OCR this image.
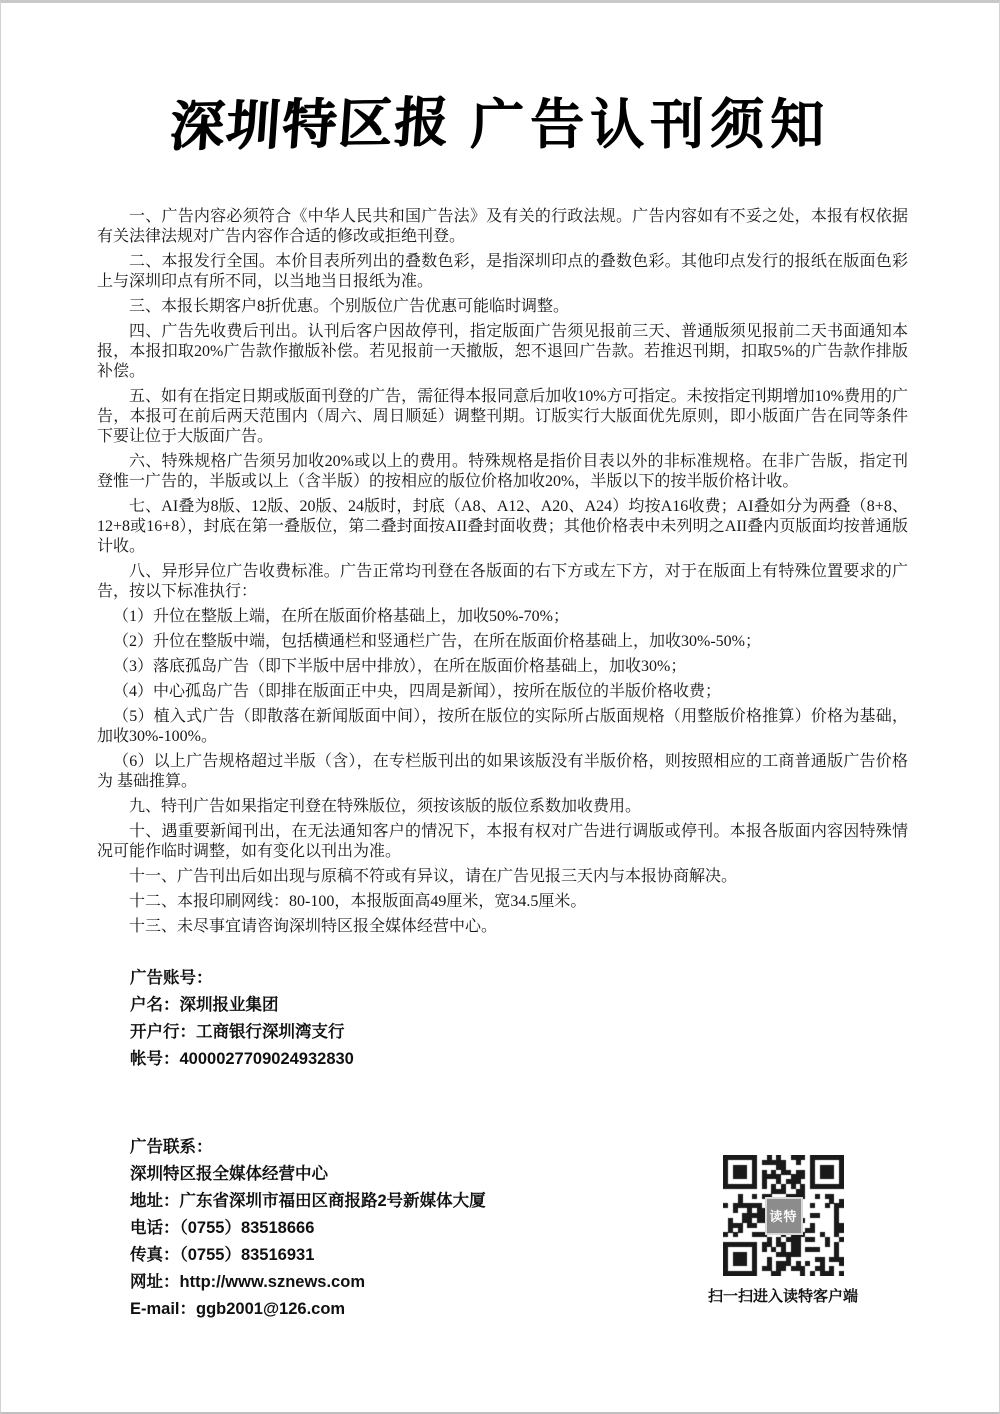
深圳特区报 广告认刊须知

一、广告内容必须符合《中华人民共和国广告法》及有关的行政法规。广告内容如有不妥之处，本报有权依据有关法律法规对广告内容作合适的修改或拒绝刊登。

二、本报发行全国。本价目表所列出的叠数色彩，是指深圳印点的叠数色彩。其他印点发行的报纸在版面色彩上与深圳印点有所不同，以当地当日报纸为准。

三、本报长期客户8折优惠。个别版位广告优惠可能临时调整。

四、广告先收费后刊出。认刊后客户因故停刊，指定版面广告须见报前三天、普通版须见报前二天书面通知本报，本报扣取20%广告款作撤版补偿。若见报前一天撤版，恕不退回广告款。若推迟刊期，扣取5%的广告款作排版补偿。

五、如有在指定日期或版面刊登的广告，需征得本报同意后加收10%方可指定。未按指定刊期增加10%费用的广告，本报可在前后两天范围内（周六、周日顺延）调整刊期。订版实行大版面优先原则，即小版面广告在同等条件下要让位于大版面广告。

六、特殊规格广告须另加收20%或以上的费用。特殊规格是指价目表以外的非标准规格。在非广告版，指定刊登惟一广告的，半版或以上（含半版）的按相应的版位价格加收20%，半版以下的按半版价格计收。

七、AI叠为8版、12版、20版、24版时，封底（A8、A12、A20、A24）均按A16收费；AI叠如分为两叠（8+8、12+8或16+8），封底在第一叠版位，第二叠封面按AII叠封面收费；其他价格表中未列明之AII叠内页版面均按普通版计收。

八、异形异位广告收费标准。广告正常均刊登在各版面的右下方或左下方，对于在版面上有特殊位置要求的广告，按以下标准执行：

（1）升位在整版上端，在所在版面价格基础上，加收50%-70%；

（2）升位在整版中端，包括横通栏和竖通栏广告，在所在版面价格基础上，加收30%-50%；

（3）落底孤岛广告（即下半版中居中排放），在所在版面价格基础上，加收30%；

（4）中心孤岛广告（即排在版面正中央，四周是新闻），按所在版位的半版价格收费；

（5）植入式广告（即散落在新闻版面中间），按所在版位的实际所占版面规格（用整版价格推算）价格为基础，加收30%-100%。

（6）以上广告规格超过半版（含），在专栏版刊出的如果该版没有半版价格，则按照相应的工商普通版广告价格为 基础推算。

九、特刊广告如果指定刊登在特殊版位，须按该版的版位系数加收费用。

十、遇重要新闻刊出，在无法通知客户的情况下，本报有权对广告进行调版或停刊。本报各版面内容因特殊情况可能作临时调整，如有变化以刊出为准。

十一、广告刊出后如出现与原稿不符或有异议，请在广告见报三天内与本报协商解决。

十二、本报印刷网线：80-100，本报版面高49厘米，宽34.5厘米。

十三、未尽事宜请咨询深圳特区报全媒体经营中心。

广告账号：
户名：深圳报业集团
开户行：工商银行深圳湾支行
帐号：4000027709024932830
广告联系：
深圳特区报全媒体经营中心
地址：广东省深圳市福田区商报路2号新媒体大厦
电话：（0755）83518666
传真：（0755）83516931
网址：http://www.sznews.com
E-mail：ggb2001@126.com
读特
扫一扫进入读特客户端
